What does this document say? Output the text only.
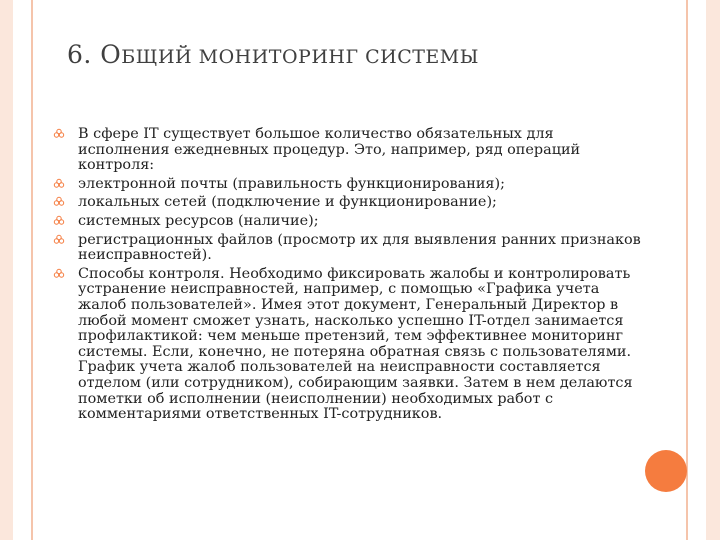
6. ОБЩИЙ МОНИТОРИНГ СИСТЕМЫ
В сфере IT существует большое количество обязательных для исполнения ежедневных процедур. Это, например, ряд операций контроля:
электронной почты (правильность функционирования);
локальных сетей (подключение и функционирование);
системных ресурсов (наличие);
регистрационных файлов (просмотр их для выявления ранних признаков неисправностей).
Способы контроля. Необходимо фиксировать жалобы и контролировать устранение неисправностей, например, с помощью «Графика учета жалоб пользователей». Имея этот документ, Генеральный Директор в любой момент сможет узнать, насколько успешно IT-отдел занимается профилактикой: чем меньше претензий, тем эффективнее мониторинг системы. Если, конечно, не потеряна обратная связь с пользователями. График учета жалоб пользователей на неисправности составляется отделом (или сотрудником), собирающим заявки. Затем в нем делаются пометки об исполнении (неисполнении) необходимых работ с комментариями ответственных IT-сотрудников.
